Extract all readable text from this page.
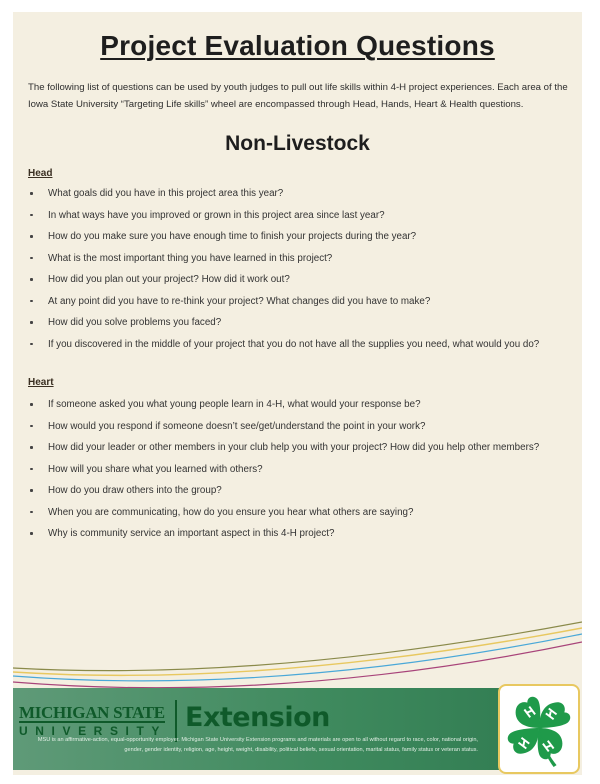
Project Evaluation Questions
The following list of questions can be used by youth judges to pull out life skills within 4-H project experiences. Each area of the Iowa State University “Targeting Life skills” wheel are encompassed through Head, Hands, Heart & Health questions.
Non-Livestock
Head
What goals did you have in this project area this year?
In what ways have you improved or grown in this project area since last year?
How do you make sure you have enough time to finish your projects during the year?
What is the most important thing you have learned in this project?
How did you plan out your project? How did it work out?
At any point did you have to re-think your project? What changes did you have to make?
How did you solve problems you faced?
If you discovered in the middle of your project that you do not have all the supplies you need, what would you do?
Heart
If someone asked you what young people learn in 4-H, what would your response be?
How would you respond if someone doesn’t see/get/understand the point in your work?
How did your leader or other members in your club help you with your project? How did you help other members?
How will you share what you learned with others?
How do you draw others into the group?
When you are communicating, how do you ensure you hear what others are saying?
Why is community service an important aspect in this 4-H project?
MICHIGAN STATE
UNIVERSITY Extension
MSU is an affirmative-action, equal-opportunity employer. Michigan State University Extension programs and materials are open to all without regard to race, color, national origin, gender, gender identity, religion, age, height, weight, disability, political beliefs, sexual orientation, marital status, family status or veteran status.
